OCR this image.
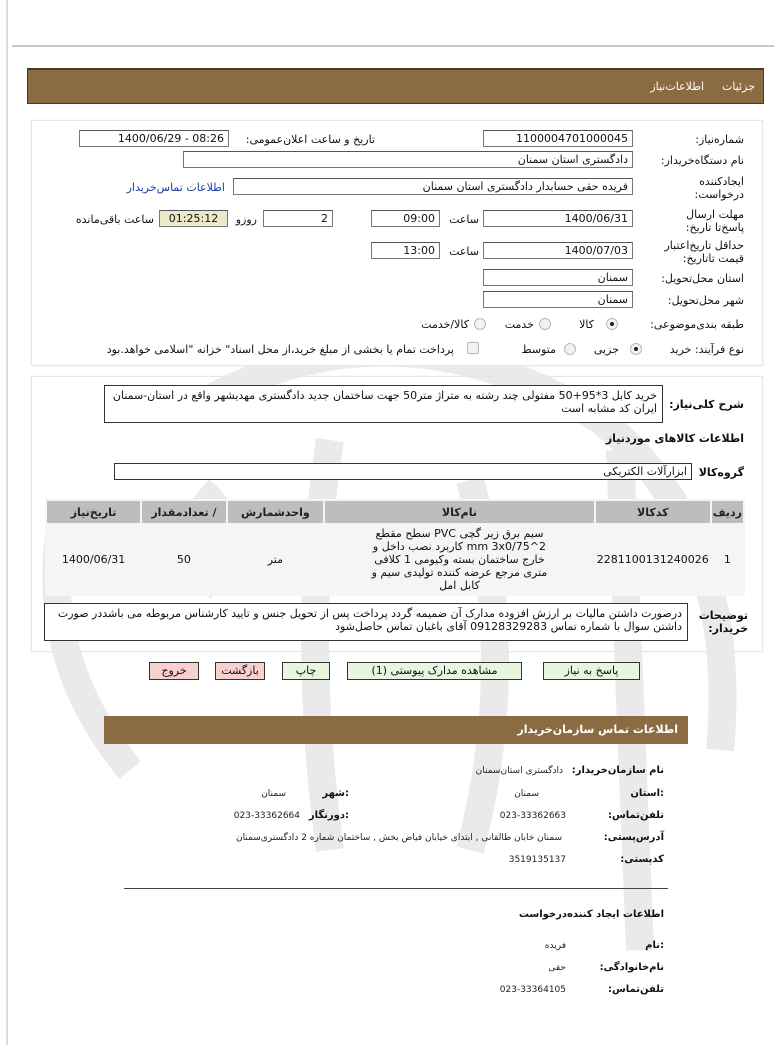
جزئیات
اطلاعات‌نیاز
شماره‌نیاز:
1100004701000045
تاریخ و ساعت اعلان‌عمومی:
1400/06/29 - 08:26
نام دستگاه‌خریدار:
دادگستری استان سمنان
ایجادکننده درخواست:
فریده حقی حسابدار دادگستری استان سمنان
اطلاعات تماس‌خریدار
مهلت ارسال پاسخ‌تا تاریخ:
1400/06/31
ساعت
09:00
2
روزو
01:25:12
ساعت باقی‌مانده
حداقل تاریخ‌اعتبار قیمت تا‌تاریخ:
1400/07/03
ساعت
13:00
استان محل‌تحویل:
سمنان
شهر محل‌تحویل:
سمنان
طبقه بندی‌موضوعی:
کالا
خدمت
کالا/خدمت
نوع فرآیند: خرید
جزیی
متوسط
پرداخت تمام یا بخشی از مبلغ خرید،از محل اسناد" خزانه "اسلامی خواهد.بود
شرح کلی‌نیاز:
خرید کابل 3*95+50 مفتولی چند رشته به متراژ متر50 جهت ساختمان جدید دادگستری مهدیشهر واقع در استان-سمنان ایران کد مشابه است
اطلاعات کالاهای موردنیاز
گروه‌کالا
ابزارآلات الکتریکی
ردیف	کدکالا	نام‌کالا	واحدشمارش	/ تعدادمقدار	تاریخ‌نیاز
1	2281100131240026	سیم برق زیر گچی PVC سطح مقطع 2^mm 3x0/75 کاربرد نصب داخل و خارج ساختمان بسته وکیومی 1 کلافی متری مرجع عرضه کننده تولیدی سیم و کابل امل	متر	50	1400/06/31
توضیحات خریدار:
درصورت داشتن مالیات بر ارزش افزوده مدارک آن ضمیمه گردد پرداخت پس از تحویل جنس و تایید کارشناس مربوطه می باشددر صورت داشتن سوال با شماره تماس 09128329283 آقای باغبان تماس حاصل‌شود
پاسخ به نیاز
مشاهده مدارک پیوستی (1)
چاپ
بازگشت
خروج
اطلاعات تماس سازمان‌خریدار
نام سازمان‌خریدار:
دادگستری استان‌سمنان
:استان
سمنان
:شهر
سمنان
تلفن‌تماس:
023-33362663
:دورنگار
023-33362664
آدرس‌پستی:
سمنان خابان طالقانی , ابتدای خیابان فیاض بخش , ساختمان شماره 2 دادگستری‌سمنان
کدپستی:
3519135137
اطلاعات ایجاد کننده‌درخواست
:نام
فریده
نام‌خانوادگی:
حقی
تلفن‌تماس:
023-33364105
